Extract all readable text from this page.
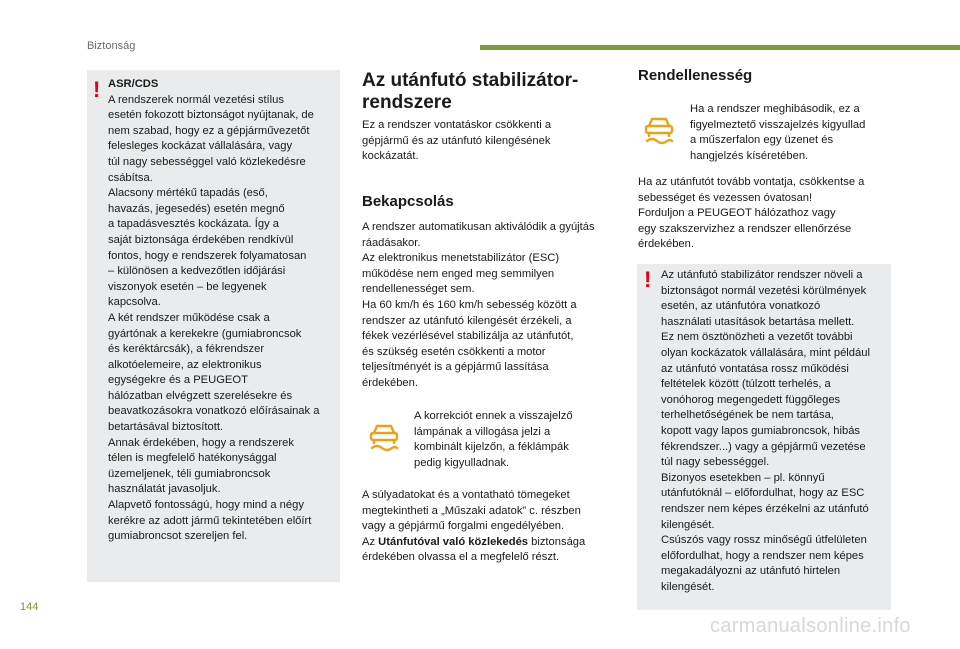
Biztonság
144
carmanualsonline.info
! ASR/CDS

A rendszerek normál vezetési stílus

esetén fokozott biztonságot nyújtanak, de

nem szabad, hogy ez a gépjárművezetőt

felesleges kockázat vállalására, vagy

túl nagy sebességgel való közlekedésre

csábítsa.

Alacsony mértékű tapadás (eső,

havazás, jegesedés) esetén megnő

a tapadásvesztés kockázata. Így a

saját biztonsága érdekében rendkívül

fontos, hogy e rendszerek folyamatosan

– különösen a kedvezőtlen időjárási

viszonyok esetén – be legyenek

kapcsolva.

A két rendszer működése csak a

gyártónak a kerekekre (gumiabroncsok

és keréktárcsák), a fékrendszer

alkotóelemeire, az elektronikus

egységekre és a PEUGEOT

hálózatban elvégzett szerelésekre és

beavatkozásokra vonatkozó előírásainak a

betartásával biztosított.

Annak érdekében, hogy a rendszerek

télen is megfelelő hatékonysággal

üzemeljenek, téli gumiabroncsok

használatát javasoljuk.

Alapvető fontosságú, hogy mind a négy

kerékre az adott jármű tekintetében előírt

gumiabroncsot szereljen fel.

Az utánfutó stabilizátor-
rendszere

Ez a rendszer vontatáskor csökkenti a

gépjármű és az utánfutó kilengésének

kockázatát.

Bekapcsolás

A rendszer automatikusan aktiválódik a gyújtás

ráadásakor.

Az elektronikus menetstabilizátor (ESC)

működése nem enged meg semmilyen

rendellenességet sem.

Ha 60 km/h és 160 km/h sebesség között a

rendszer az utánfutó kilengését érzékeli, a

fékek vezérlésével stabilizálja az utánfutót,

és szükség esetén csökkenti a motor

teljesítményét is a gépjármű lassítása

érdekében.

A korrekciót ennek a visszajelző

lámpának a villogása jelzi a

kombinált kijelzőn, a féklámpák

pedig kigyulladnak.

A súlyadatokat és a vontatható tömegeket

megtekintheti a „Műszaki adatok” c. részben

vagy a gépjármű forgalmi engedélyében.

Az Utánfutóval való közlekedés biztonsága

érdekében olvassa el a megfelelő részt.

Rendellenesség

Ha a rendszer meghibásodik, ez a

figyelmeztető visszajelzés kigyullad

a műszerfalon egy üzenet és

hangjelzés kíséretében.

Ha az utánfutót tovább vontatja, csökkentse a

sebességet és vezessen óvatosan!

Forduljon a PEUGEOT hálózathoz vagy

egy szakszervizhez a rendszer ellenőrzése

érdekében.

! Az utánfutó stabilizátor rendszer növeli a

biztonságot normál vezetési körülmények

esetén, az utánfutóra vonatkozó

használati utasítások betartása mellett.

Ez nem ösztönözheti a vezetőt további

olyan kockázatok vállalására, mint például

az utánfutó vontatása rossz működési

feltételek között (túlzott terhelés, a

vonóhorog megengedett függőleges

terhelhetőségének be nem tartása,

kopott vagy lapos gumiabroncsok, hibás

fékrendszer...) vagy a gépjármű vezetése

túl nagy sebességgel.

Bizonyos esetekben – pl. könnyű

utánfutóknál – előfordulhat, hogy az ESC

rendszer nem képes érzékelni az utánfutó

kilengését.

Csúszós vagy rossz minőségű útfelületen

előfordulhat, hogy a rendszer nem képes

megakadályozni az utánfutó hirtelen

kilengését.
